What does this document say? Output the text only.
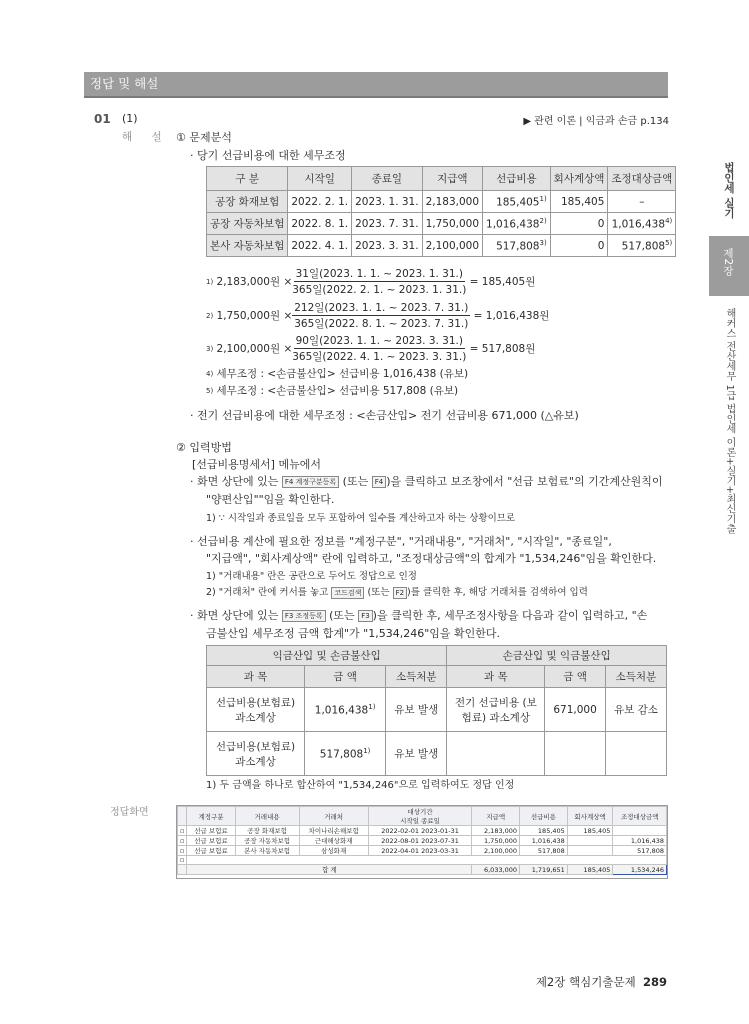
정답 및 해설
01 (1)	▶ 관련 이론 | 익금과 손금 p.134
해 설 ① 문제분석
· 당기 선급비용에 대한 세무조정
구 분	시작일	종료일	지급액	선급비용	회사계상액	조정대상금액
공장 화재보험	2022. 2. 1.	2023. 1. 31.	2,183,000	185,405$^{1)}$	185,405	–
공장 자동차보험	2022. 8. 1.	2023. 7. 31.	1,750,000	1,016,438$^{2)}$	0	1,016,438$^{4)}$
본사 자동차보험	2022. 4. 1.	2023. 3. 31.	2,100,000	517,808$^{3)}$	0	517,808$^{5)}$
1)
2,183,000원 × $\frac{\text{31일(2023. 1. 1. \textasciitilde{} 2023. 1. 31.)}}{\text{365일(2022. 2. 1. \textasciitilde{} 2023. 1. 31.)}}$
= 185,405원
2)
1,750,000원 × $\frac{\text{212일(2023. 1. 1. \textasciitilde{} 2023. 7. 31.)}}{\text{365일(2022. 8. 1. \textasciitilde{} 2023. 7. 31.)}}$
= 1,016,438원
3)
2,100,000원 × $\frac{\text{90일(2023. 1. 1. \textasciitilde{} 2023. 3. 31.)}}{\text{365일(2022. 4. 1. \textasciitilde{} 2023. 3. 31.)}}$
= 517,808원
4)
세무조정 : <손금불산입> 선급비용 1,016,438 (유보)
5)
세무조정 : <손금불산입> 선급비용 517,808 (유보)
· 전기 선급비용에 대한 세무조정 : <손금산입> 전기 선급비용 671,000 (△유보)
② 입력방법
[선급비용명세서] 메뉴에서
· 화면 상단에 있는 F4 계정구분등록 (또는 F4 )을 클릭하고 보조창에서 "선급 보험료"의 기간계산원칙이
"양편산입""임을 확인한다.
1) ∵ 시작일과 종료일을 모두 포함하여 일수를 계산하고자 하는 상황이므로
· 선급비용 계산에 필요한 정보를 "계정구분", "거래내용", "거래처", "시작일", "종료일",
"지급액", "회사계상액" 란에 입력하고, "조정대상금액"의 합계가 "1,534,246"임을 확인한다.
1) "거래내용" 란은 공란으로 두어도 정답으로 인정
2) "거래처" 란에 커서를 놓고 코드검색 (또는 F2 )를 클릭한 후, 해당 거래처를 검색하여 입력
· 화면 상단에 있는 F3 조정등록 (또는 F3 )을 클릭한 후, 세무조정사항을 다음과 같이 입력하고, "손
금불산입 세무조정 금액 합계"가 "1,534,246"임을 확인한다.
익금산입 및 손금불산입			손금산입 및 익금불산입		
과 목	금 액	소득처분	과 목	금 액	소득처분
선급비용(보험료) 과소계상	1,016,438$^{1)}$	유보 발생	전기 선급비용 (보험료) 과소계상	671,000	유보 감소
선급비용(보험료) 과소계상	517,808$^{1)}$	유보 발생			
1) 두 금액을 하나로 합산하여 "1,534,246"으로 입력하여도 정답 인정
정답화면
		계정구분	거래내용	거래처	대상기간
시작일 종료일	지급액	선급비용	회사계상액	조정대상금액
▫	선급 보험료	공장 화재보험	차이나리손해보험	2022-02-01 2023-01-31	2,183,000	185,405	185,405	
▫	선급 보험료	공장 자동차보험	근대해상화재	2022-08-01 2023-07-31	1,750,000	1,016,438		1,016,438
▫	선급 보험료	본사 자동차보험	삼성화재	2022-04-01 2023-03-31	2,100,000	517,808		517,808
▫								
	합 계				6,033,000	1,719,651	185,405	1,534,246
법인세 실기
제2장
해커스 전산세무 1급 법인세 이론+실기+최신기출
제2장 핵심기출문제 289
